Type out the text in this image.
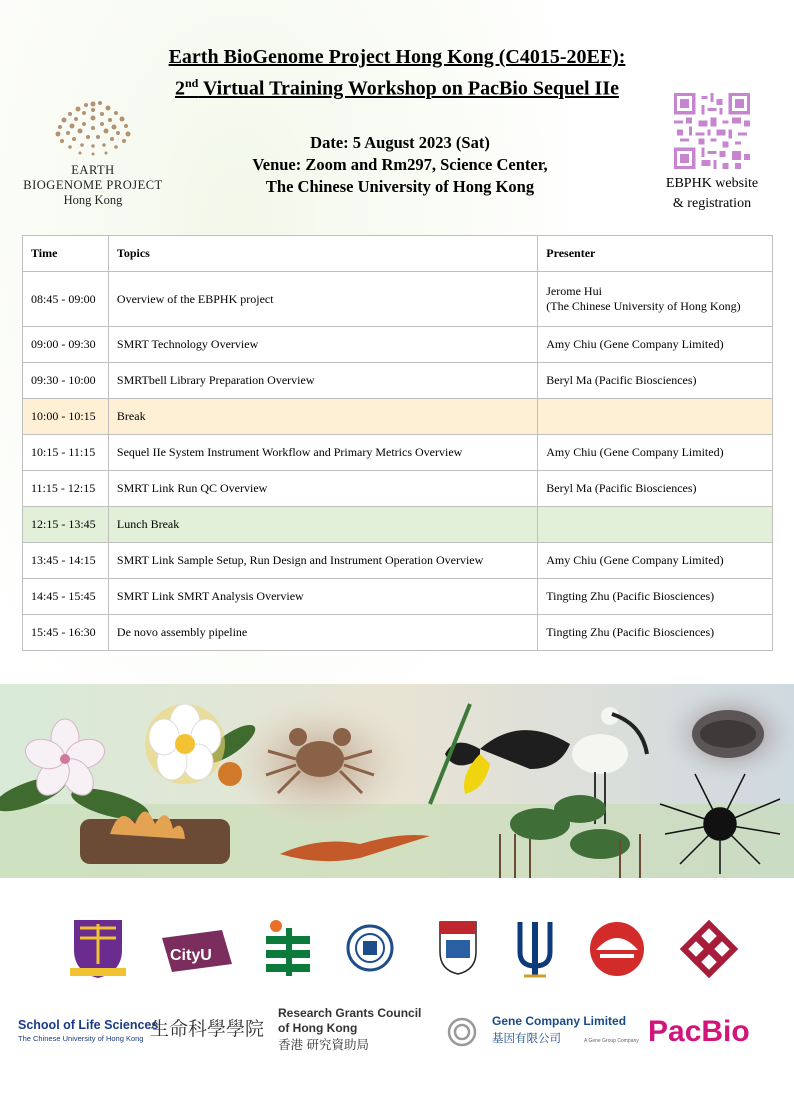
Earth BioGenome Project Hong Kong (C4015-20EF):
2nd Virtual Training Workshop on PacBio Sequel IIe
EARTH
BIOGENOME PROJECT
Hong Kong
Date: 5 August 2023 (Sat)
Venue: Zoom and Rm297, Science Center,
The Chinese University of Hong Kong	EBPHK website
& registration
Time	Topics	Presenter
08:45 - 09:00	Overview of the EBPHK project	Jerome Hui
(The Chinese University of Hong Kong)

09:00 - 09:30	SMRT Technology Overview	Amy Chiu (Gene Company Limited)
09:30 - 10:00	SMRTbell Library Preparation Overview	Beryl Ma (Pacific Biosciences)
10:00 - 10:15	Break	
10:15 - 11:15	Sequel IIe System Instrument Workflow and Primary Metrics Overview	Amy Chiu (Gene Company Limited)
11:15 - 12:15	SMRT Link Run QC Overview	Beryl Ma (Pacific Biosciences)
12:15 - 13:45	Lunch Break	
13:45 - 14:15	SMRT Link Sample Setup, Run Design and Instrument Operation Overview	Amy Chiu (Gene Company Limited)
14:45 - 15:45	SMRT Link SMRT Analysis Overview	Tingting Zhu (Pacific Biosciences)
15:45 - 16:30	De novo assembly pipeline	Tingting Zhu (Pacific Biosciences)
CityU
School of Life Sciences
The Chinese University of Hong Kong 生命科學學院
Research Grants Council
of Hong Kong
香港 研究資助局
Gene Company Limited
基因有限公司	A Gene Group Company PacBio
